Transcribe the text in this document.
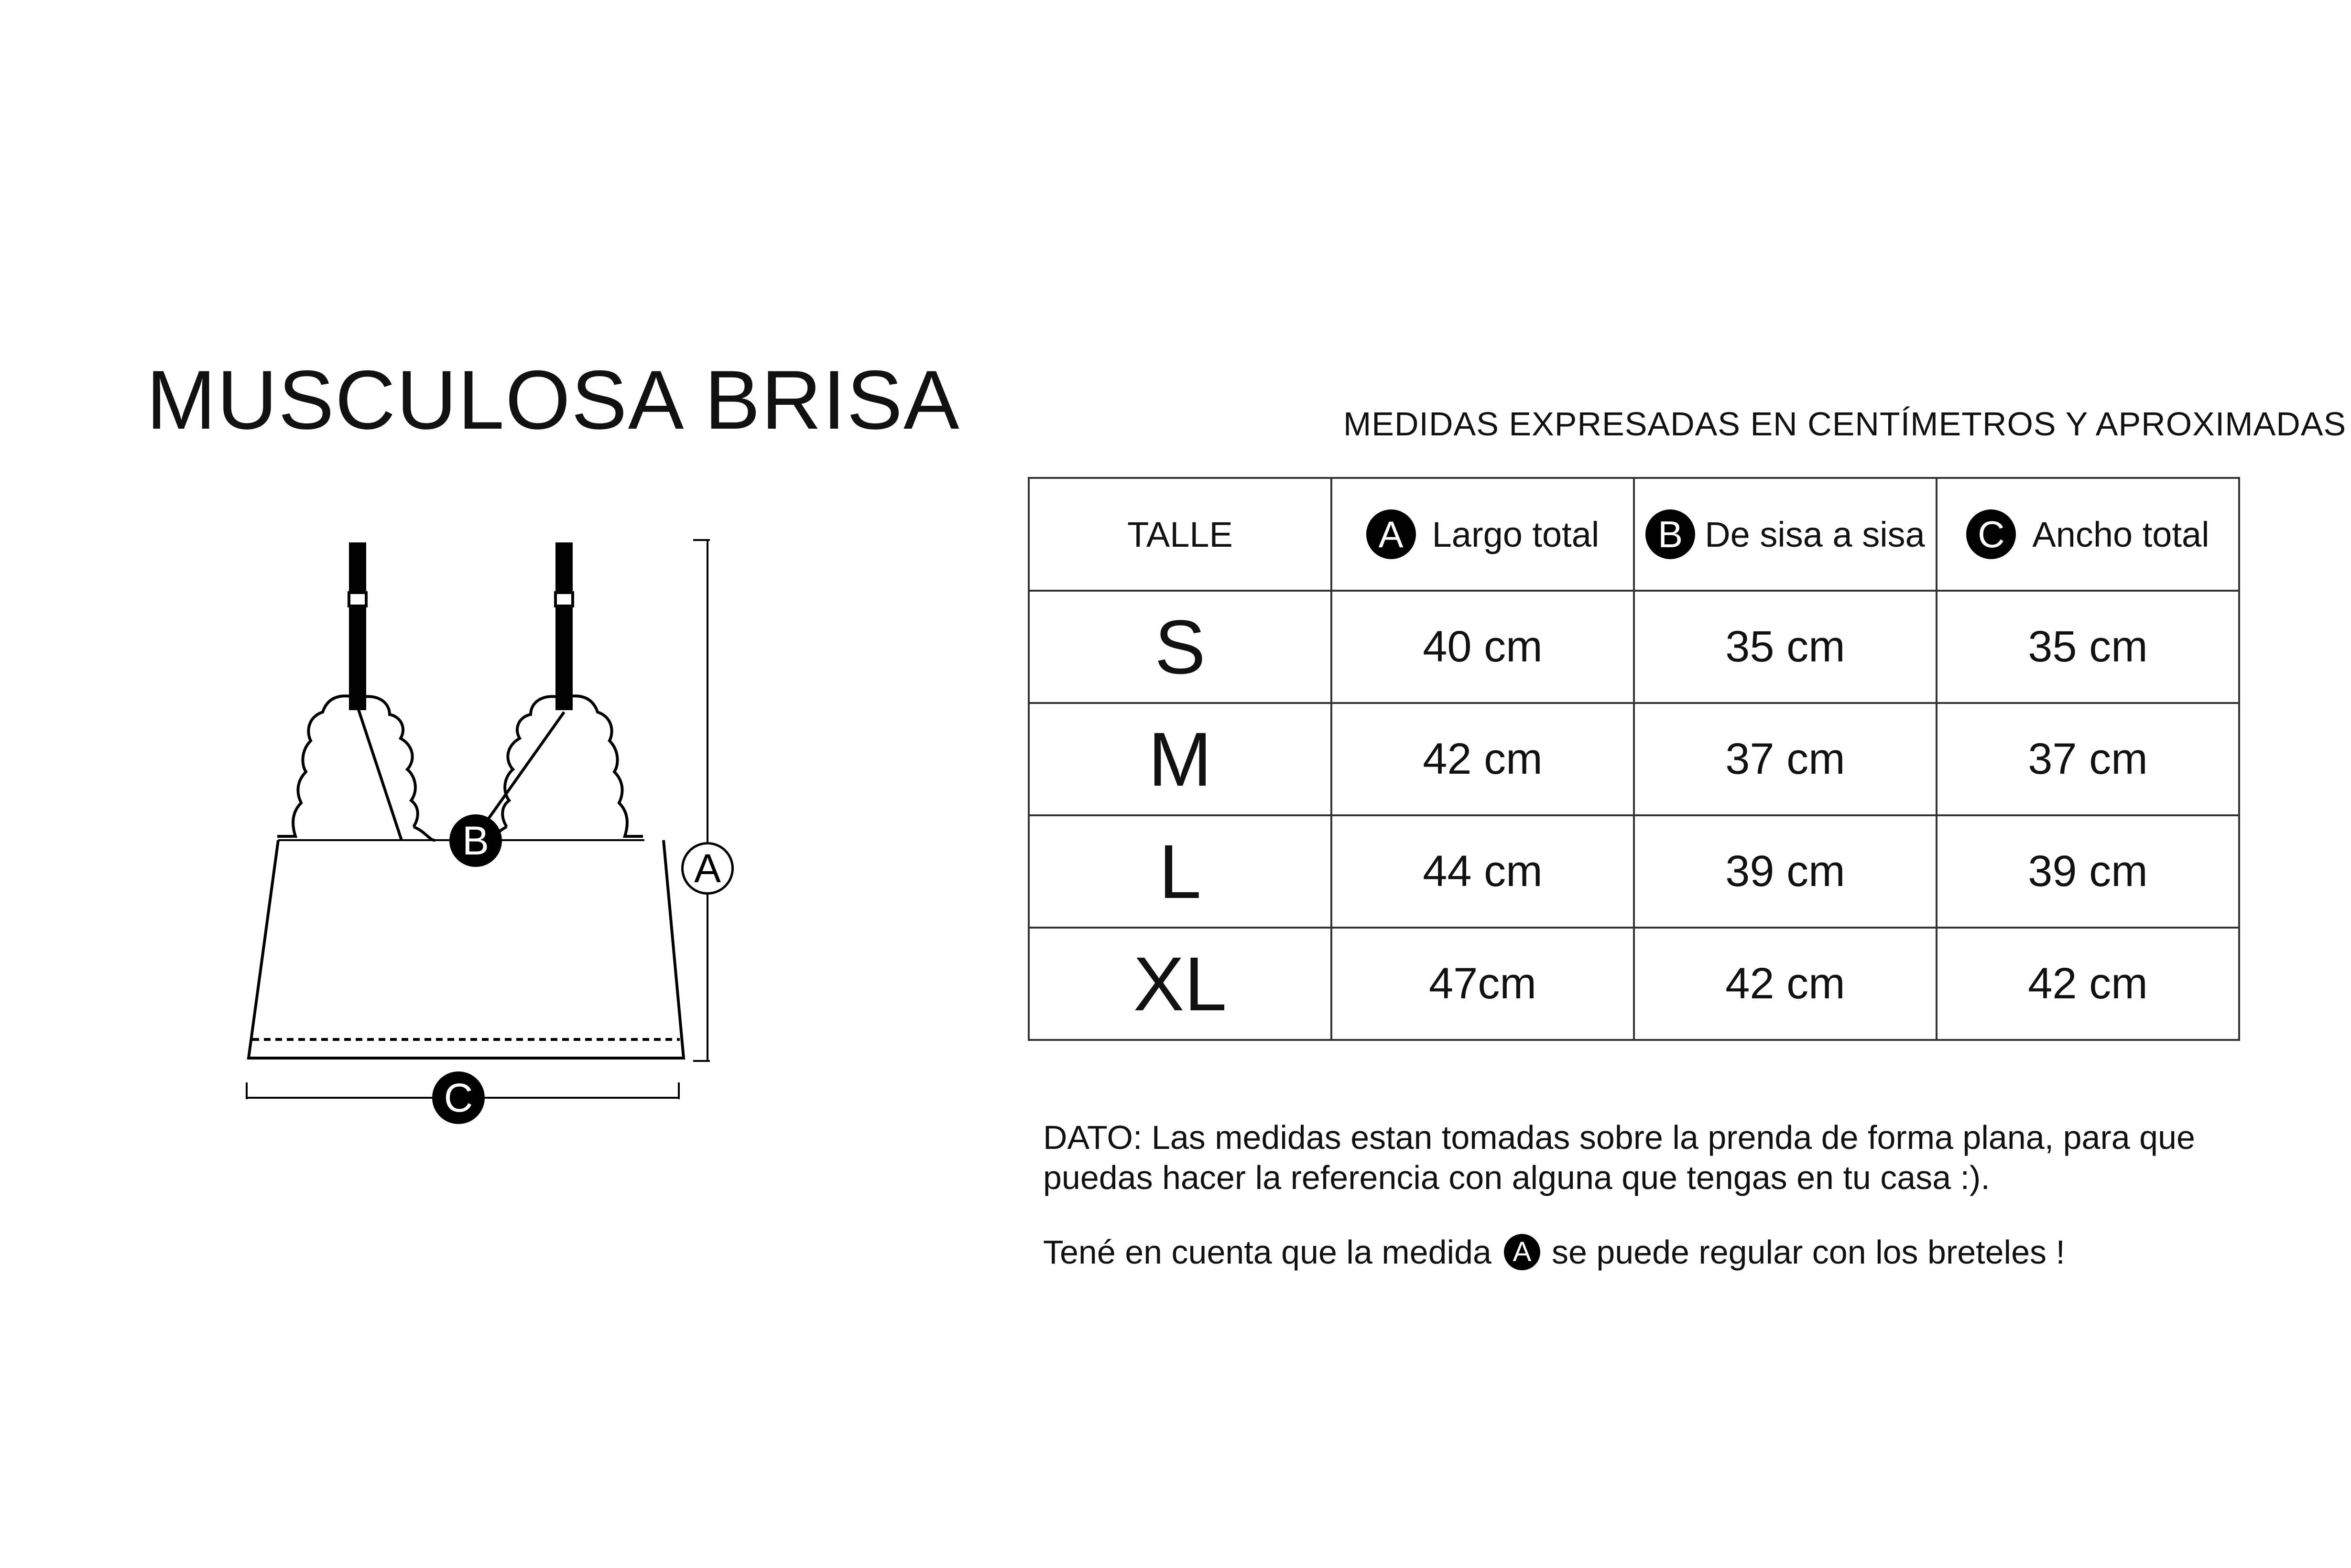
MUSCULOSA BRISA	MEDIDAS EXPRESADAS EN CENTÍMETROS Y APROXIMADAS
B
A
C
TALLE	A Largo total	B De sisa a sisa	C Ancho total

S	40 cm	35 cm	35 cm
M	42 cm	37 cm	37 cm
L	44 cm	39 cm	39 cm
XL	47cm	42 cm	42 cm
DATO: Las medidas estan tomadas sobre la prenda de forma plana, para que puedas hacer la referencia con alguna que tengas en tu casa :).
Tené en cuenta que la medida A se puede regular con los breteles !
